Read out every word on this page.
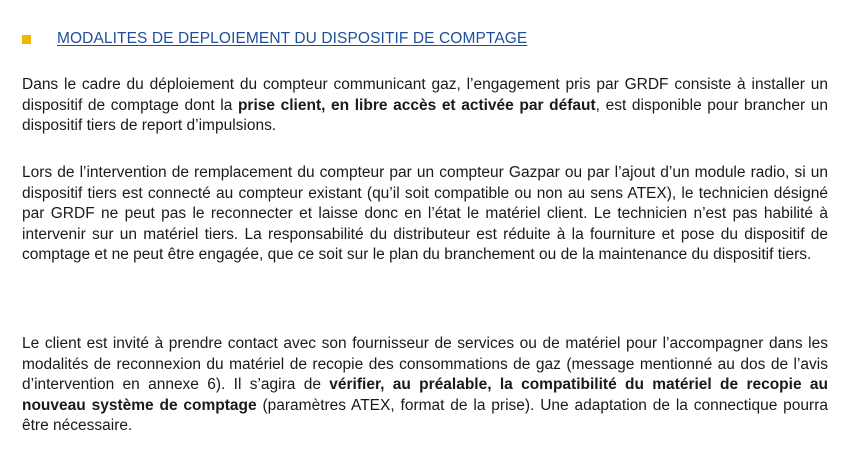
MODALITES DE DEPLOIEMENT DU DISPOSITIF DE COMPTAGE

Dans le cadre du déploiement du compteur communicant gaz, l’engagement pris par GRDF consiste à installer un dispositif de comptage dont la prise client, en libre accès et activée par défaut, est disponible pour brancher un dispositif tiers de report d’impulsions.

Lors de l’intervention de remplacement du compteur par un compteur Gazpar ou par l’ajout d’un module radio, si un dispositif tiers est connecté au compteur existant (qu’il soit compatible ou non au sens ATEX), le technicien désigné par GRDF ne peut pas le reconnecter et laisse donc en l’état le matériel client. Le technicien n’est pas habilité à intervenir sur un matériel tiers. La responsabilité du distributeur est réduite à la fourniture et pose du dispositif de comptage et ne peut être engagée, que ce soit sur le plan du branchement ou de la maintenance du dispositif tiers.

Le client est invité à prendre contact avec son fournisseur de services ou de matériel pour l’accompagner dans les modalités de reconnexion du matériel de recopie des consommations de gaz (message mentionné au dos de l’avis d’intervention en annexe 6). Il s’agira de vérifier, au préalable, la compatibilité du matériel de recopie au nouveau système de comptage (paramètres ATEX, format de la prise). Une adaptation de la connectique pourra être nécessaire.
